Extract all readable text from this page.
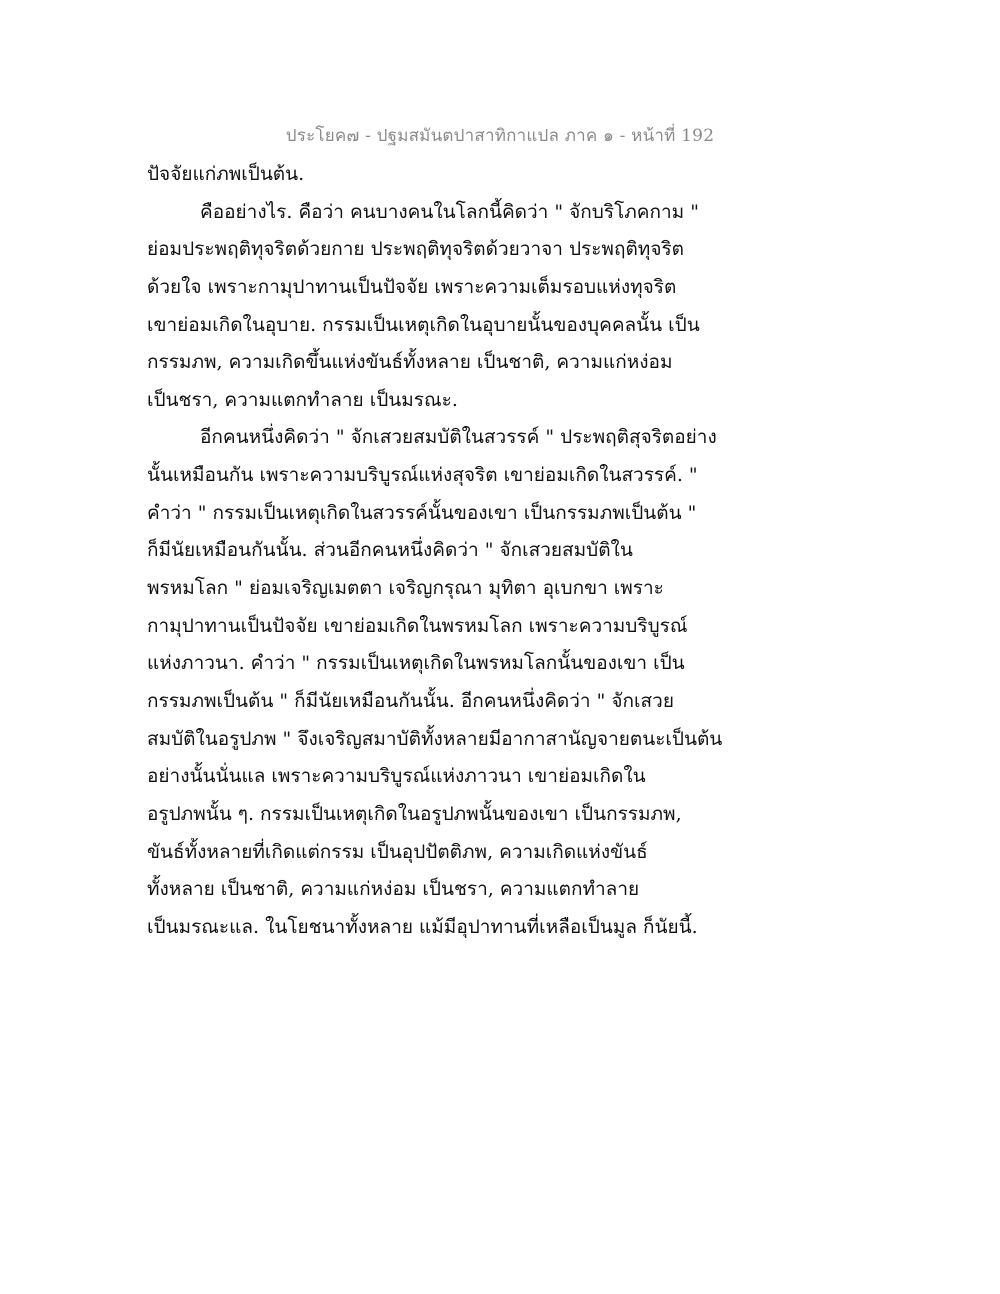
ประโยค๗ - ปฐมสมันตปาสาทิกาแปล ภาค ๑ - หน้าที่ 192
ปัจจัยแก่ภพเป็นต้น.
คืออย่างไร. คือว่า คนบางคนในโลกนี้คิดว่า " จักบริโภคกาม "
ย่อมประพฤติทุจริตด้วยกาย ประพฤติทุจริตด้วยวาจา ประพฤติทุจริต
ด้วยใจ เพราะกามุปาทานเป็นปัจจัย เพราะความเต็มรอบแห่งทุจริต
เขาย่อมเกิดในอุบาย. กรรมเป็นเหตุเกิดในอุบายนั้นของบุคคลนั้น เป็น
กรรมภพ, ความเกิดขึ้นแห่งขันธ์ทั้งหลาย เป็นชาติ, ความแก่หง่อม
เป็นชรา, ความแตกทำลาย เป็นมรณะ.
อีกคนหนึ่งคิดว่า " จักเสวยสมบัติในสวรรค์ " ประพฤติสุจริตอย่าง
นั้นเหมือนกัน เพราะความบริบูรณ์แห่งสุจริต เขาย่อมเกิดในสวรรค์. "
คำว่า " กรรมเป็นเหตุเกิดในสวรรค์นั้นของเขา เป็นกรรมภพเป็นต้น "
ก็มีนัยเหมือนกันนั้น. ส่วนอีกคนหนึ่งคิดว่า " จักเสวยสมบัติใน
พรหมโลก " ย่อมเจริญเมตตา เจริญกรุณา มุทิตา อุเบกขา เพราะ
กามุปาทานเป็นปัจจัย เขาย่อมเกิดในพรหมโลก เพราะความบริบูรณ์
แห่งภาวนา. คำว่า " กรรมเป็นเหตุเกิดในพรหมโลกนั้นของเขา เป็น
กรรมภพเป็นต้น " ก็มีนัยเหมือนกันนั้น. อีกคนหนึ่งคิดว่า " จักเสวย
สมบัติในอรูปภพ " จึงเจริญสมาบัติทั้งหลายมีอากาสานัญจายตนะเป็นต้น
อย่างนั้นนั่นแล เพราะความบริบูรณ์แห่งภาวนา เขาย่อมเกิดใน
อรูปภพนั้น ๆ. กรรมเป็นเหตุเกิดในอรูปภพนั้นของเขา เป็นกรรมภพ,
ขันธ์ทั้งหลายที่เกิดแต่กรรม เป็นอุปปัตติภพ, ความเกิดแห่งขันธ์
ทั้งหลาย เป็นชาติ, ความแก่หง่อม เป็นชรา, ความแตกทำลาย
เป็นมรณะแล. ในโยชนาทั้งหลาย แม้มีอุปาทานที่เหลือเป็นมูล ก็นัยนี้.
